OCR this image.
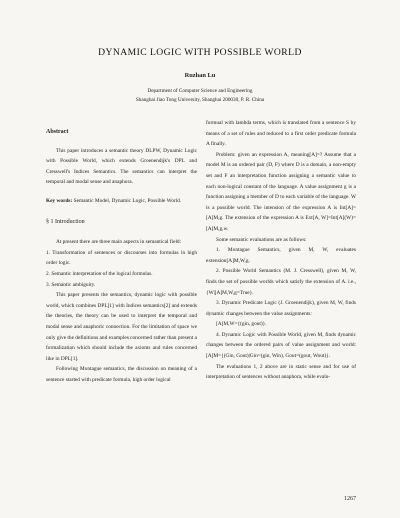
DYNAMIC LOGIC WITH POSSIBLE WORLD
Ruzhan Lu
Department of Computer Science and Engineering
Shanghai Jiao Tong University, Shanghai 200030, P. R. China
Abstract

This paper introduces a semantic theory DLPW, Dynamic Logic with Possible World, which extends Groenendijk's DPL and Cresswell's Indices Semantics. The semantics can interpret the temporal and modal sense and anaphora.

Key words: Semantic Model, Dynamic Logic, Possible World.

§ 1 Introduction

At present there are three main aspects in semantical field:

1. Transformation of sentences or discourses into formulas in high order logic.

2. Semantic interpretation of the logical formulas.

3. Semantic ambiguity.

This paper presents the semantics, dynamic logic with possible world, which combines DPL[1] with Indices semantics[2] and extends the theories, the theory can be used to interpret the temporal and modal sense and anaphoric connection. For the limitation of space we only give the definitions and examples concerned rather than present a formalization which should include the axioms and rules concerned like in DPL[1].

Following Montague semantics, the discussion on meaning of a sentence started with predicate formula, high order logical

formual with lambda terms, which is translated from a sentence S by means of a set of rules and reduced to a first order predicate formula A finally.

Problem: given an expression A, meaning[A]=? Assume that a model M is an ordered pair (D, F) where D is a domain, a non-empty set and F an interpretation function assigning a semantic value to each non-logical constant of the language. A value assignment g is a function assigning a member of D to each variable of the language. W is a possible world. The intension of the expression A is Int[A]= [A]M,g. The extension of the expression A is Ext[A, W]=Int[A](W)=[A]M,g,w.

Some semantic evaluations are as follows:

1. Montague Semantics, given M, W, evaluates extension[A]M,W,g.

2. Possible World Semantics (M. J. Cresswell), given M, W, finds the set of possible worlds which satisfy the extension of A. i.e., {W|[A]M,W,g=True}.

3. Dynamic Predicate Logic (J. Groenendijk), given M, W, finds dynamic changes between the value assignments:

[A]M,W={(gin, gout)}.

4. Dynamic Logic with Possible World, given M, finds dynamic changes between the ordered pairs of value assignment and world: [A]M={(Gin, Gout)|Gin=(gin, Win), Gout=(gout, Wout)}.

The evaluations 1, 2 above are in static sense and for use of interpretation of sentences without anaphora, while evalu-

1267
